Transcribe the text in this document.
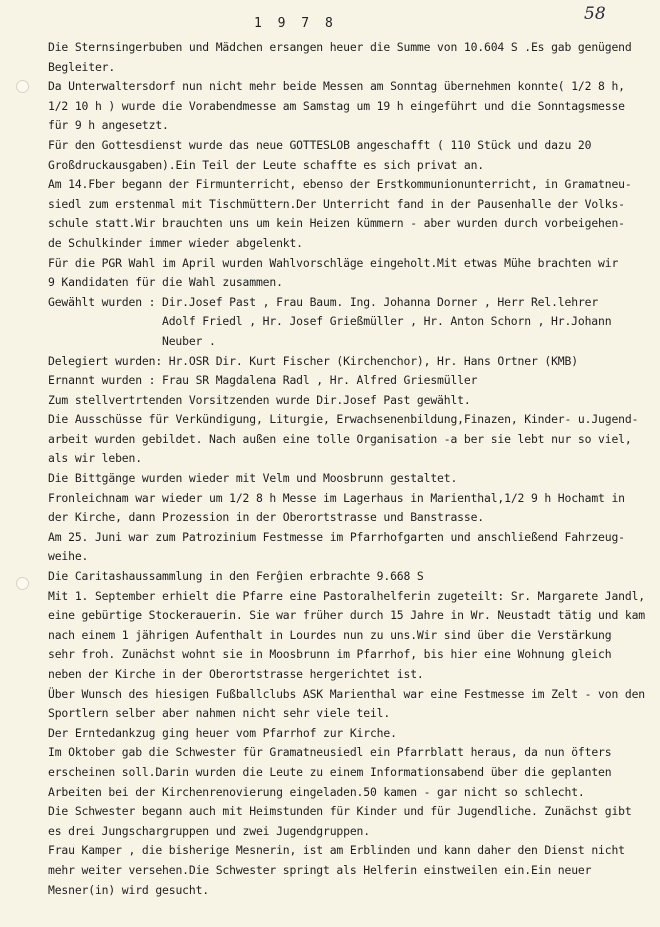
1 9 7 8	58
Die Sternsingerbuben und Mädchen ersangen heuer die Summe von 10.604 S .Es gab genügend
Begleiter.
Da Unterwaltersdorf nun nicht mehr beide Messen am Sonntag übernehmen konnte( 1/2 8 h,
1/2 10 h ) wurde die Vorabendmesse am Samstag um 19 h eingeführt und die Sonntagsmesse
für 9 h angesetzt.
Für den Gottesdienst wurde das neue GOTTESLOB angeschafft ( 110 Stück und dazu 20
Großdruckausgaben).Ein Teil der Leute schaffte es sich privat an.
Am 14.Fber begann der Firmunterricht, ebenso der Erstkommunionunterricht, in Gramatneu-
siedl zum erstenmal mit Tischmüttern.Der Unterricht fand in der Pausenhalle der Volks-
schule statt.Wir brauchten uns um kein Heizen kümmern - aber wurden durch vorbeigehen-
de Schulkinder immer wieder abgelenkt.
Für die PGR Wahl im April wurden Wahlvorschläge eingeholt.Mit etwas Mühe brachten wir
9 Kandidaten für die Wahl zusammen.
Gewählt wurden : Dir.Josef Past , Frau Baum. Ing. Johanna Dorner , Herr Rel.lehrer
Adolf Friedl , Hr. Josef Grießmüller , Hr. Anton Schorn , Hr.Johann
Neuber .
Delegiert wurden: Hr.OSR Dir. Kurt Fischer (Kirchenchor), Hr. Hans Ortner (KMB)
Ernannt wurden : Frau SR Magdalena Radl , Hr. Alfred Griesmüller
Zum stellvertrtenden Vorsitzenden wurde Dir.Josef Past gewählt.
Die Ausschüsse für Verkündigung, Liturgie, Erwachsenenbildung,Finazen, Kinder- u.Jugend-
arbeit wurden gebildet. Nach außen eine tolle Organisation -a ber sie lebt nur so viel,
als wir leben.
Die Bittgänge wurden wieder mit Velm und Moosbrunn gestaltet.
Fronleichnam war wieder um 1/2 8 h Messe im Lagerhaus in Marienthal,1/2 9 h Hochamt in
der Kirche, dann Prozession in der Oberortstrasse und Banstrasse.
Am 25. Juni war zum Patrozinium Festmesse im Pfarrhofgarten und anschließend Fahrzeug-
weihe.
Die Caritashaussammlung in den Ferĝien erbrachte 9.668 S
Mit 1. September erhielt die Pfarre eine Pastoralhelferin zugeteilt: Sr. Margarete Jandl,
eine gebürtige Stockerauerin. Sie war früher durch 15 Jahre in Wr. Neustadt tätig und kam
nach einem 1 jährigen Aufenthalt in Lourdes nun zu uns.Wir sind über die Verstärkung
sehr froh. Zunächst wohnt sie in Moosbrunn im Pfarrhof, bis hier eine Wohnung gleich
neben der Kirche in der Oberortstrasse hergerichtet ist.
Über Wunsch des hiesigen Fußballclubs ASK Marienthal war eine Festmesse im Zelt - von den
Sportlern selber aber nahmen nicht sehr viele teil.
Der Erntedankzug ging heuer vom Pfarrhof zur Kirche.
Im Oktober gab die Schwester für Gramatneusiedl ein Pfarrblatt heraus, da nun öfters
erscheinen soll.Darin wurden die Leute zu einem Informationsabend über die geplanten
Arbeiten bei der Kirchenrenovierung eingeladen.50 kamen - gar nicht so schlecht.
Die Schwester begann auch mit Heimstunden für Kinder und für Jugendliche. Zunächst gibt
es drei Jungschargruppen und zwei Jugendgruppen.
Frau Kamper , die bisherige Mesnerin, ist am Erblinden und kann daher den Dienst nicht
mehr weiter versehen.Die Schwester springt als Helferin einstweilen ein.Ein neuer
Mesner(in) wird gesucht.
